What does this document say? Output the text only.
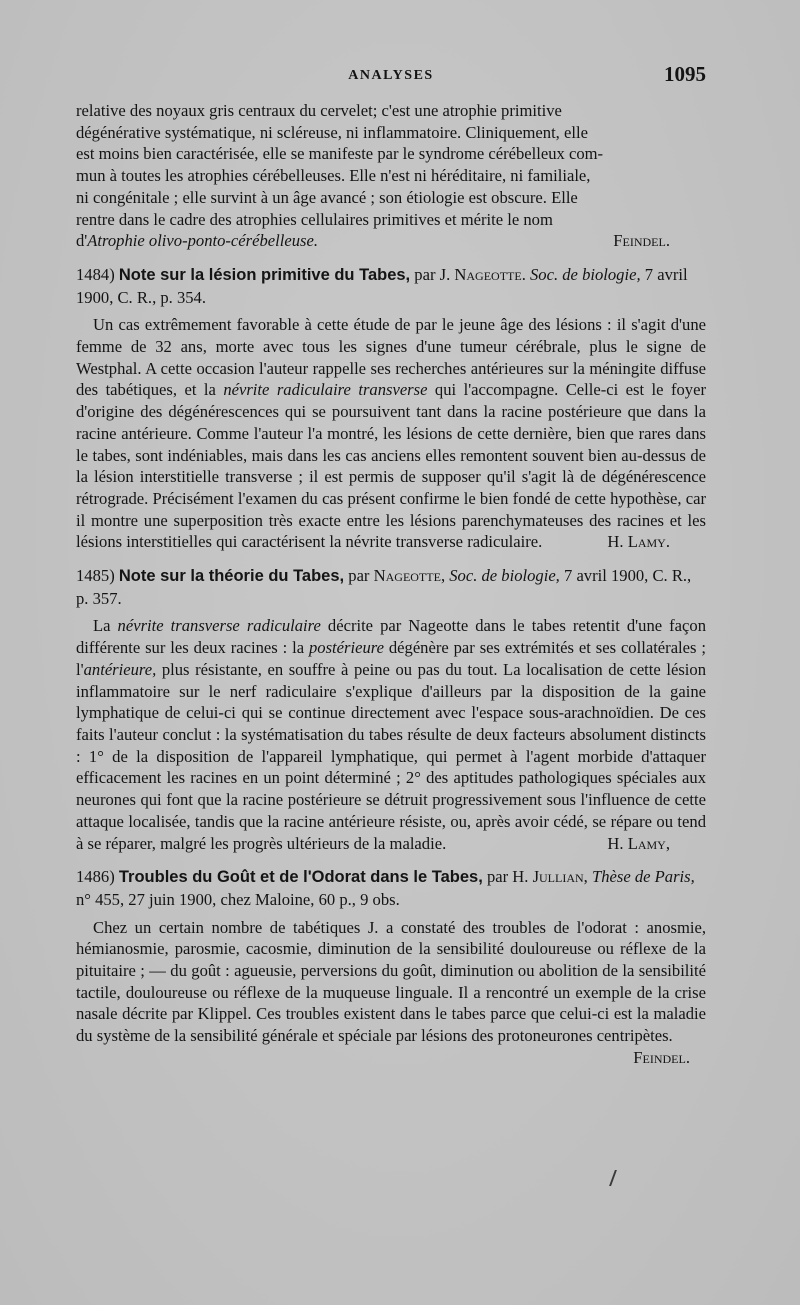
ANALYSES	1095

relative des noyaux gris centraux du cervelet; c'est une atrophie primitive
dégénérative systématique, ni scléreuse, ni inflammatoire. Cliniquement, elle
est moins bien caractérisée, elle se manifeste par le syndrome cérébelleux com-
mun à toutes les atrophies cérébelleuses. Elle n'est ni héréditaire, ni familiale,
ni congénitale ; elle survint à un âge avancé ; son étiologie est obscure. Elle
rentre dans le cadre des atrophies cellulaires primitives et mérite le nom
d'Atrophie olivo-ponto-cérébelleuse.	Feindel.

1484) Note sur la lésion primitive du Tabes, par J. Nageotte. Soc. de biologie, 7 avril 1900, C. R., p. 354.

Un cas extrêmement favorable à cette étude de par le jeune âge des lésions : il s'agit d'une femme de 32 ans, morte avec tous les signes d'une tumeur cérébrale, plus le signe de Westphal. A cette occasion l'auteur rappelle ses recherches antérieures sur la méningite diffuse des tabétiques, et la névrite radiculaire transverse qui l'accompagne. Celle-ci est le foyer d'origine des dégénérescences qui se poursuivent tant dans la racine postérieure que dans la racine antérieure. Comme l'auteur l'a montré, les lésions de cette dernière, bien que rares dans le tabes, sont indéniables, mais dans les cas anciens elles remontent souvent bien au-dessus de la lésion interstitielle transverse ; il est permis de supposer qu'il s'agit là de dégénérescence rétrograde. Précisément l'examen du cas présent confirme le bien fondé de cette hypothèse, car il montre une superposition très exacte entre les lésions parenchymateuses des racines et les lésions interstitielles qui caractérisent la névrite transverse radiculaire.	H. Lamy.

1485) Note sur la théorie du Tabes, par Nageotte, Soc. de biologie, 7 avril 1900, C. R., p. 357.

La névrite transverse radiculaire décrite par Nageotte dans le tabes retentit d'une façon différente sur les deux racines : la postérieure dégénère par ses extrémités et ses collatérales ; l'antérieure, plus résistante, en souffre à peine ou pas du tout. La localisation de cette lésion inflammatoire sur le nerf radiculaire s'explique d'ailleurs par la disposition de la gaine lymphatique de celui-ci qui se continue directement avec l'espace sous-arachnoïdien. De ces faits l'auteur conclut : la systématisation du tabes résulte de deux facteurs absolument distincts : 1° de la disposition de l'appareil lymphatique, qui permet à l'agent morbide d'attaquer efficacement les racines en un point déterminé ; 2° des aptitudes pathologiques spéciales aux neurones qui font que la racine postérieure se détruit progressivement sous l'influence de cette attaque localisée, tandis que la racine antérieure résiste, ou, après avoir cédé, se répare ou tend à se réparer, malgré les progrès ultérieurs de la maladie.	H. Lamy,

1486) Troubles du Goût et de l'Odorat dans le Tabes, par H. Jullian, Thèse de Paris, n° 455, 27 juin 1900, chez Maloine, 60 p., 9 obs.

Chez un certain nombre de tabétiques J. a constaté des troubles de l'odorat : anosmie, hémianosmie, parosmie, cacosmie, diminution de la sensibilité douloureuse ou réflexe de la pituitaire ; — du goût : agueusie, perversions du goût, diminution ou abolition de la sensibilité tactile, douloureuse ou réflexe de la muqueuse linguale. Il a rencontré un exemple de la crise nasale décrite par Klippel. Ces troubles existent dans le tabes parce que celui-ci est la maladie du système de la sensibilité générale et spéciale par lésions des protoneurones centripètes.
Feindel.
